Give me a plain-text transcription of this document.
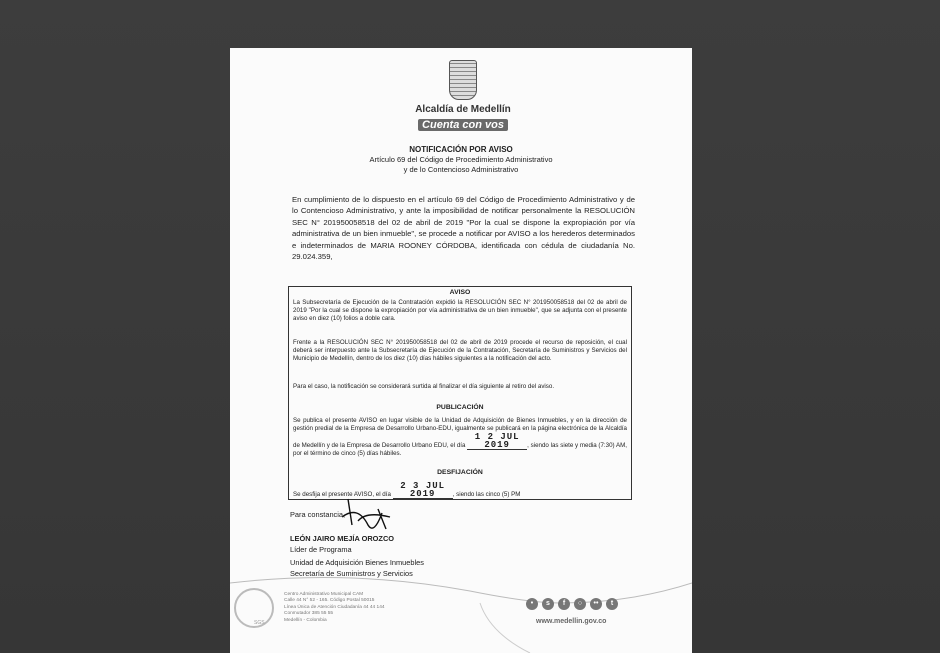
Alcaldía de Medellín
Cuenta con vos
NOTIFICACIÓN POR AVISO
Artículo 69 del Código de Procedimiento Administrativo
y de lo Contencioso Administrativo
En cumplimiento de lo dispuesto en el artículo 69 del Código de Procedimiento Administrativo y de lo Contencioso Administrativo, y ante la imposibilidad de notificar personalmente la RESOLUCIÓN SEC N° 201950058518 del 02 de abril de 2019 "Por la cual se dispone la expropiación por vía administrativa de un bien inmueble", se procede a notificar por AVISO a los herederos determinados e indeterminados de MARIA ROONEY CÓRDOBA, identificada con cédula de ciudadanía No. 29.024.359,
AVISO

La Subsecretaría de Ejecución de la Contratación expidió la RESOLUCIÓN SEC N° 201950058518 del 02 de abril de 2019 "Por la cual se dispone la expropiación por vía administrativa de un bien inmueble", que se adjunta con el presente aviso en diez (10) folios a doble cara.

Frente a la RESOLUCIÓN SEC N° 201950058518 del 02 de abril de 2019 procede el recurso de reposición, el cual deberá ser interpuesto ante la Subsecretaría de Ejecución de la Contratación, Secretaría de Suministros y Servicios del Municipio de Medellín, dentro de los diez (10) días hábiles siguientes a la notificación del acto.

Para el caso, la notificación se considerará surtida al finalizar el día siguiente al retiro del aviso.

PUBLICACIÓN

Se publica el presente AVISO en lugar visible de la Unidad de Adquisición de Bienes Inmuebles, y en la dirección de gestión predial de la Empresa de Desarrollo Urbano-EDU, igualmente se publicará en la página electrónica de la Alcaldía de Medellín y de la Empresa de Desarrollo Urbano EDU, el día 1 2 JUL 2019	, siendo las siete y media (7:30) AM, por el término de cinco (5) días hábiles.

DESFIJACIÓN

Se desfija el presente AVISO, el día 2 3 JUL 2019	, siendo las cinco (5) PM

Para constancia,
LEÓN JAIRO MEJÍA OROZCO
Líder de Programa
Unidad de Adquisición Bienes Inmuebles
Secretaría de Suministros y Servicios
SGS
Centro Administrativo Municipal CAM
Calle 44 N° 52 - 165. Código Postal 50015
Línea Única de Atención Ciudadanía 44 44 144
Conmutador 385 55 55
Medellín - Colombia
•	s	f	○	••	t
www.medellin.gov.co
